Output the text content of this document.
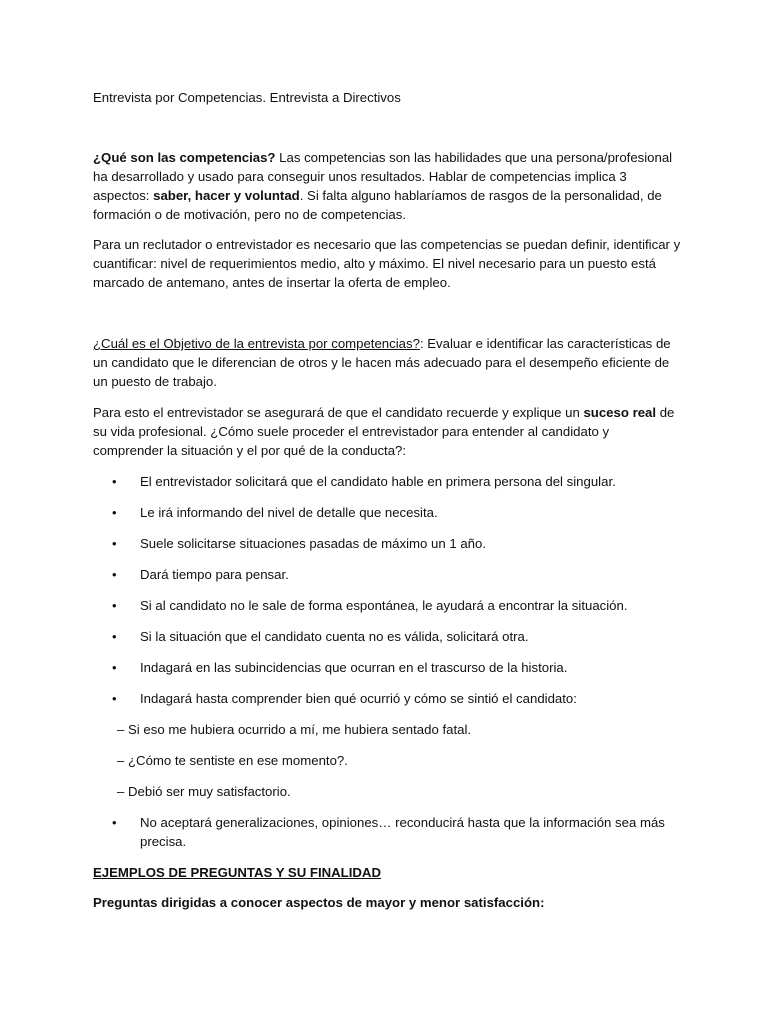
Entrevista por Competencias. Entrevista a Directivos

¿Qué son las competencias? Las competencias son las habilidades que una persona/profesional ha desarrollado y usado para conseguir unos resultados. Hablar de competencias implica 3 aspectos: saber, hacer y voluntad. Si falta alguno hablaríamos de rasgos de la personalidad, de formación o de motivación, pero no de competencias.

Para un reclutador o entrevistador es necesario que las competencias se puedan definir, identificar y cuantificar: nivel de requerimientos medio, alto y máximo. El nivel necesario para un puesto está marcado de antemano, antes de insertar la oferta de empleo.

¿Cuál es el Objetivo de la entrevista por competencias?: Evaluar e identificar las características de un candidato que le diferencian de otros y le hacen más adecuado para el desempeño eficiente de un puesto de trabajo.

Para esto el entrevistador se asegurará de que el candidato recuerde y explique un suceso real de su vida profesional. ¿Cómo suele proceder el entrevistador para entender al candidato y comprender la situación y el por qué de la conducta?:

• El entrevistador solicitará que el candidato hable en primera persona del singular.
• Le irá informando del nivel de detalle que necesita.
• Suele solicitarse situaciones pasadas de máximo un 1 año.
• Dará tiempo para pensar.
• Si al candidato no le sale de forma espontánea, le ayudará a encontrar la situación.
• Si la situación que el candidato cuenta no es válida, solicitará otra.
• Indagará en las subincidencias que ocurran en el trascurso de la historia.
• Indagará hasta comprender bien qué ocurrió y cómo se sintió el candidato:

– Si eso me hubiera ocurrido a mí, me hubiera sentado fatal.

– ¿Cómo te sentiste en ese momento?.

– Debió ser muy satisfactorio.

• No aceptará generalizaciones, opiniones… reconducirá hasta que la información sea más precisa.

EJEMPLOS DE PREGUNTAS Y SU FINALIDAD

Preguntas dirigidas a conocer aspectos de mayor y menor satisfacción:
